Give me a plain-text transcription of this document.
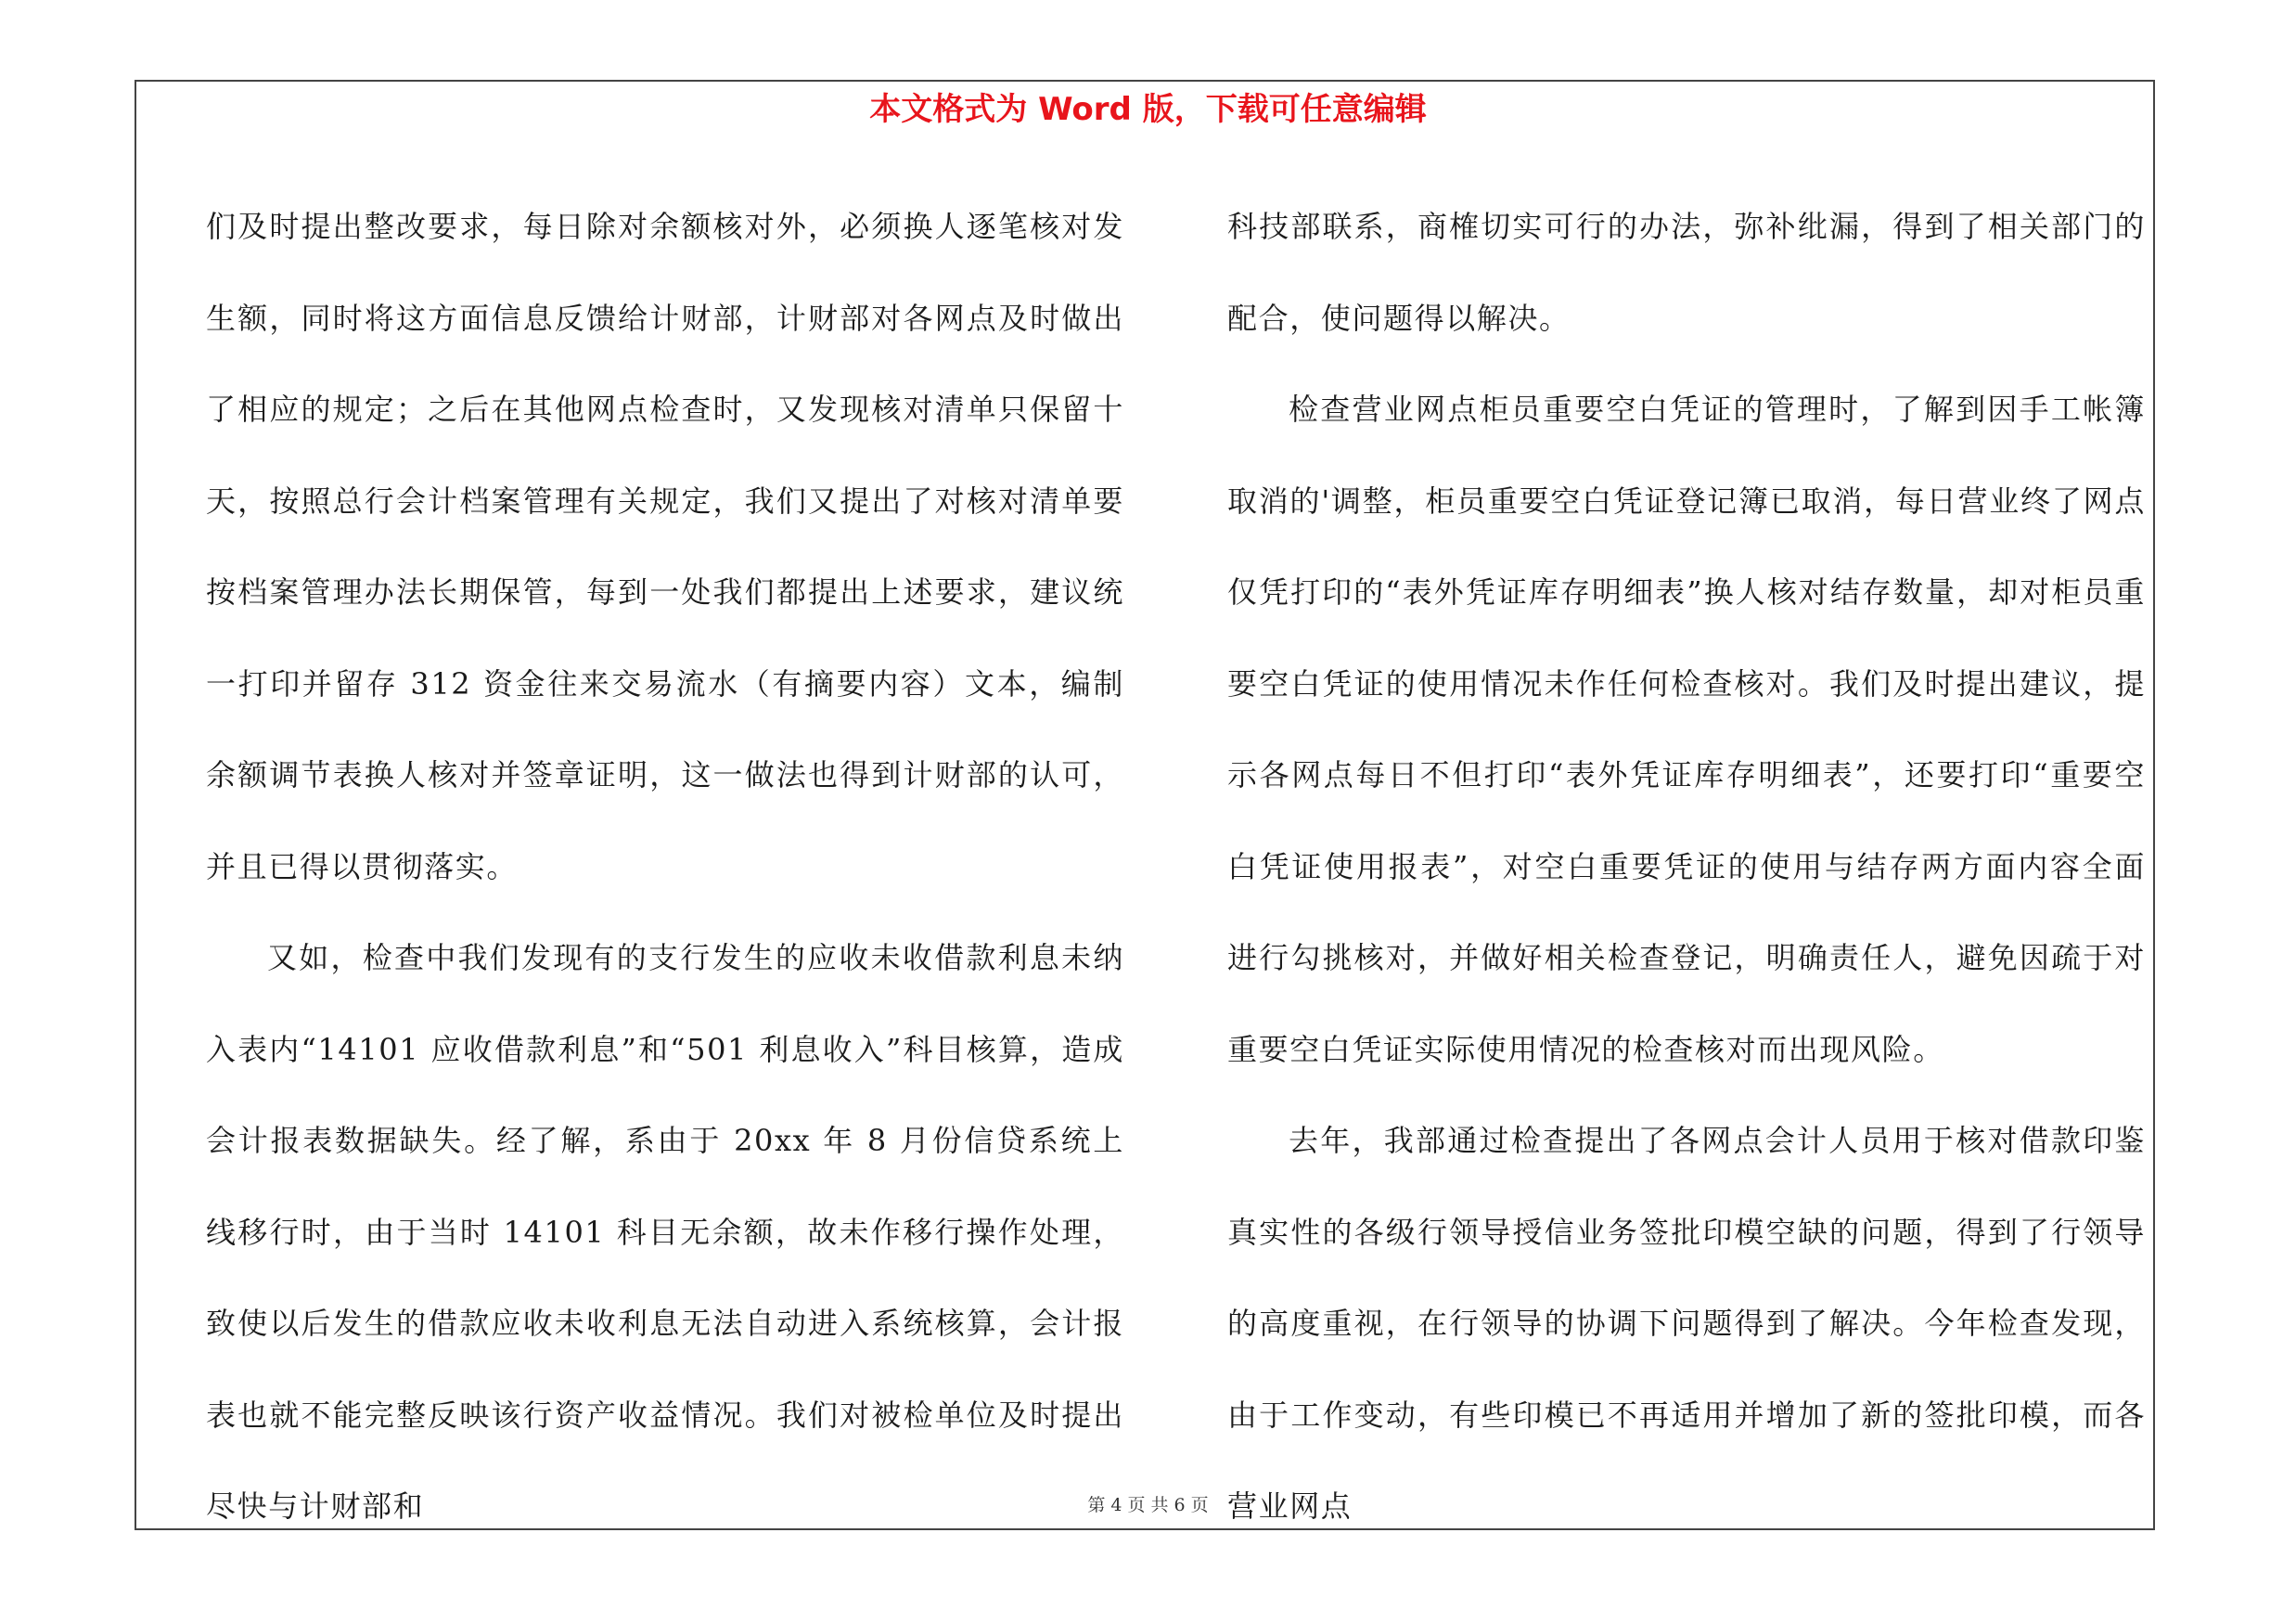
本文格式为 Word 版，下载可任意编辑

们及时提出整改要求，每日除对余额核对外，必须换人逐笔核对发生额，同时将这方面信息反馈给计财部，计财部对各网点及时做出了相应的规定；之后在其他网点检查时，又发现核对清单只保留十天，按照总行会计档案管理有关规定，我们又提出了对核对清单要按档案管理办法长期保管，每到一处我们都提出上述要求，建议统一打印并留存 312 资金往来交易流水（有摘要内容）文本，编制余额调节表换人核对并签章证明，这一做法也得到计财部的认可，并且已得以贯彻落实。

又如，检查中我们发现有的支行发生的应收未收借款利息未纳入表内“14101 应收借款利息”和“501 利息收入”科目核算，造成会计报表数据缺失。经了解，系由于 20xx 年 8 月份信贷系统上线移行时，由于当时 14101 科目无余额，故未作移行操作处理，致使以后发生的借款应收未收利息无法自动进入系统核算，会计报表也就不能完整反映该行资产收益情况。我们对被检单位及时提出尽快与计财部和

科技部联系，商榷切实可行的办法，弥补纰漏，得到了相关部门的配合，使问题得以解决。

检查营业网点柜员重要空白凭证的管理时，了解到因手工帐簿取消的'调整，柜员重要空白凭证登记簿已取消，每日营业终了网点仅凭打印的“表外凭证库存明细表”换人核对结存数量，却对柜员重要空白凭证的使用情况未作任何检查核对。我们及时提出建议，提示各网点每日不但打印“表外凭证库存明细表”，还要打印“重要空白凭证使用报表”，对空白重要凭证的使用与结存两方面内容全面进行勾挑核对，并做好相关检查登记，明确责任人，避免因疏于对重要空白凭证实际使用情况的检查核对而出现风险。

去年，我部通过检查提出了各网点会计人员用于核对借款印鉴真实性的各级行领导授信业务签批印模空缺的问题，得到了行领导的高度重视，在行领导的协调下问题得到了解决。今年检查发现，由于工作变动，有些印模已不再适用并增加了新的签批印模，而各营业网点

第 4 页 共 6 页
